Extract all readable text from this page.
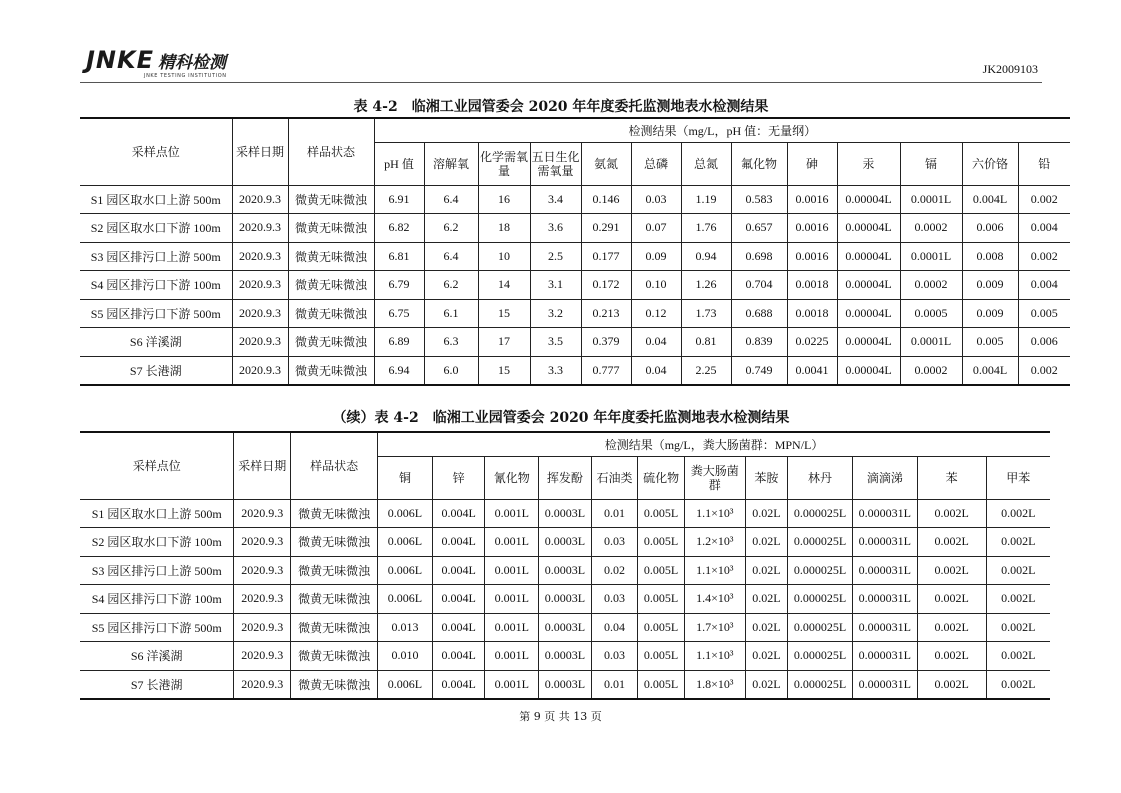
JNKE 精科检测
JNKE TESTING INSTITUTION	JK2009103
表 4-2　临湘工业园管委会 2020 年年度委托监测地表水检测结果
采样点位	采样日期	样品状态	检测结果（mg/L，pH 值：无量纲）												
			pH 值	溶解氧	化学需氧量	五日生化需氧量	氨氮	总磷	总氮	氟化物	砷	汞	镉	六价铬	铅
S1 园区取水口上游 500m	2020.9.3	微黄无味微浊	6.91	6.4	16	3.4	0.146	0.03	1.19	0.583	0.0016	0.00004L	0.0001L	0.004L	0.002
S2 园区取水口下游 100m	2020.9.3	微黄无味微浊	6.82	6.2	18	3.6	0.291	0.07	1.76	0.657	0.0016	0.00004L	0.0002	0.006	0.004
S3 园区排污口上游 500m	2020.9.3	微黄无味微浊	6.81	6.4	10	2.5	0.177	0.09	0.94	0.698	0.0016	0.00004L	0.0001L	0.008	0.002
S4 园区排污口下游 100m	2020.9.3	微黄无味微浊	6.79	6.2	14	3.1	0.172	0.10	1.26	0.704	0.0018	0.00004L	0.0002	0.009	0.004
S5 园区排污口下游 500m	2020.9.3	微黄无味微浊	6.75	6.1	15	3.2	0.213	0.12	1.73	0.688	0.0018	0.00004L	0.0005	0.009	0.005
S6 洋溪湖	2020.9.3	微黄无味微浊	6.89	6.3	17	3.5	0.379	0.04	0.81	0.839	0.0225	0.00004L	0.0001L	0.005	0.006
S7 长港湖	2020.9.3	微黄无味微浊	6.94	6.0	15	3.3	0.777	0.04	2.25	0.749	0.0041	0.00004L	0.0002	0.004L	0.002
（续）表 4-2　临湘工业园管委会 2020 年年度委托监测地表水检测结果
采样点位	采样日期	样品状态	检测结果（mg/L，粪大肠菌群：MPN/L）											
			铜	锌	氰化物	挥发酚	石油类	硫化物	粪大肠菌群	苯胺	林丹	滴滴涕	苯	甲苯
S1 园区取水口上游 500m	2020.9.3	微黄无味微浊	0.006L	0.004L	0.001L	0.0003L	0.01	0.005L	1.1×10³	0.02L	0.000025L	0.000031L	0.002L	0.002L
S2 园区取水口下游 100m	2020.9.3	微黄无味微浊	0.006L	0.004L	0.001L	0.0003L	0.03	0.005L	1.2×10³	0.02L	0.000025L	0.000031L	0.002L	0.002L
S3 园区排污口上游 500m	2020.9.3	微黄无味微浊	0.006L	0.004L	0.001L	0.0003L	0.02	0.005L	1.1×10³	0.02L	0.000025L	0.000031L	0.002L	0.002L
S4 园区排污口下游 100m	2020.9.3	微黄无味微浊	0.006L	0.004L	0.001L	0.0003L	0.03	0.005L	1.4×10³	0.02L	0.000025L	0.000031L	0.002L	0.002L
S5 园区排污口下游 500m	2020.9.3	微黄无味微浊	0.013	0.004L	0.001L	0.0003L	0.04	0.005L	1.7×10³	0.02L	0.000025L	0.000031L	0.002L	0.002L
S6 洋溪湖	2020.9.3	微黄无味微浊	0.010	0.004L	0.001L	0.0003L	0.03	0.005L	1.1×10³	0.02L	0.000025L	0.000031L	0.002L	0.002L
S7 长港湖	2020.9.3	微黄无味微浊	0.006L	0.004L	0.001L	0.0003L	0.01	0.005L	1.8×10³	0.02L	0.000025L	0.000031L	0.002L	0.002L
第 9 页 共 13 页
